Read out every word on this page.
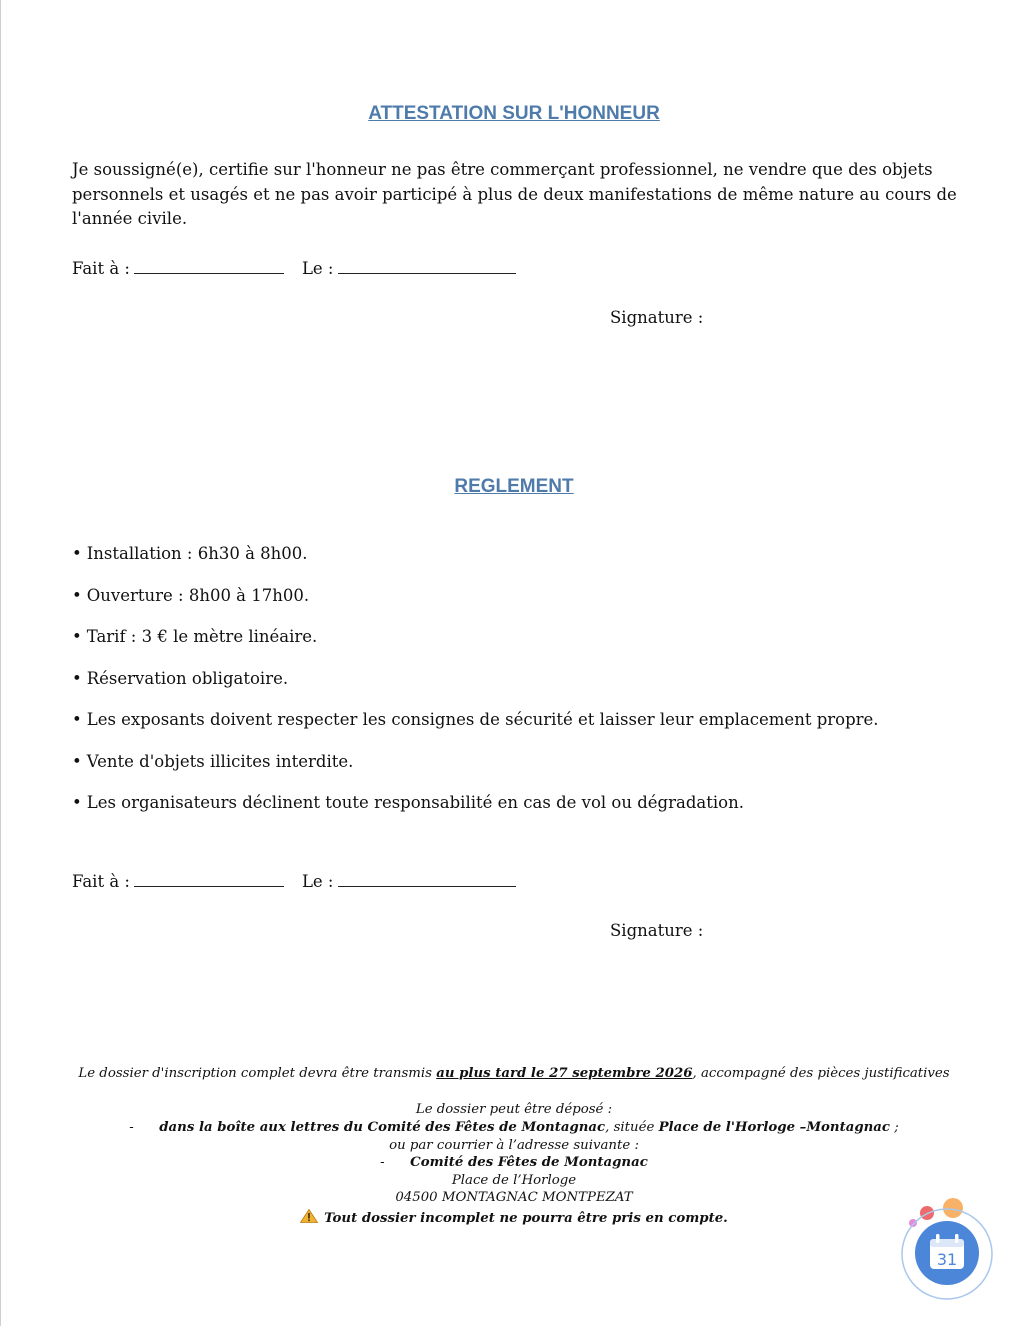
ATTESTATION SUR L'HONNEUR
Je soussigné(e), certifie sur l'honneur ne pas être commerçant professionnel, ne vendre que des objets personnels et usagés et ne pas avoir participé à plus de deux manifestations de même nature au cours de l'année civile.
Fait à :	Le :
Signature :
REGLEMENT
• Installation : 6h30 à 8h00.
• Ouverture : 8h00 à 17h00.
• Tarif : 3 € le mètre linéaire.
• Réservation obligatoire.
• Les exposants doivent respecter les consignes de sécurité et laisser leur emplacement propre.
• Vente d'objets illicites interdite.
• Les organisateurs déclinent toute responsabilité en cas de vol ou dégradation.
Fait à :	Le :
Signature :
Le dossier d'inscription complet devra être transmis au plus tard le 27 septembre 2026, accompagné des pièces justificatives
Le dossier peut être déposé :
- dans la boîte aux lettres du Comité des Fêtes de Montagnac, située Place de l'Horloge –Montagnac ;
ou par courrier à l’adresse suivante :
- Comité des Fêtes de Montagnac
Place de l’Horloge
04500 MONTAGNAC MONTPEZAT
Tout dossier incomplet ne pourra être pris en compte.
31
